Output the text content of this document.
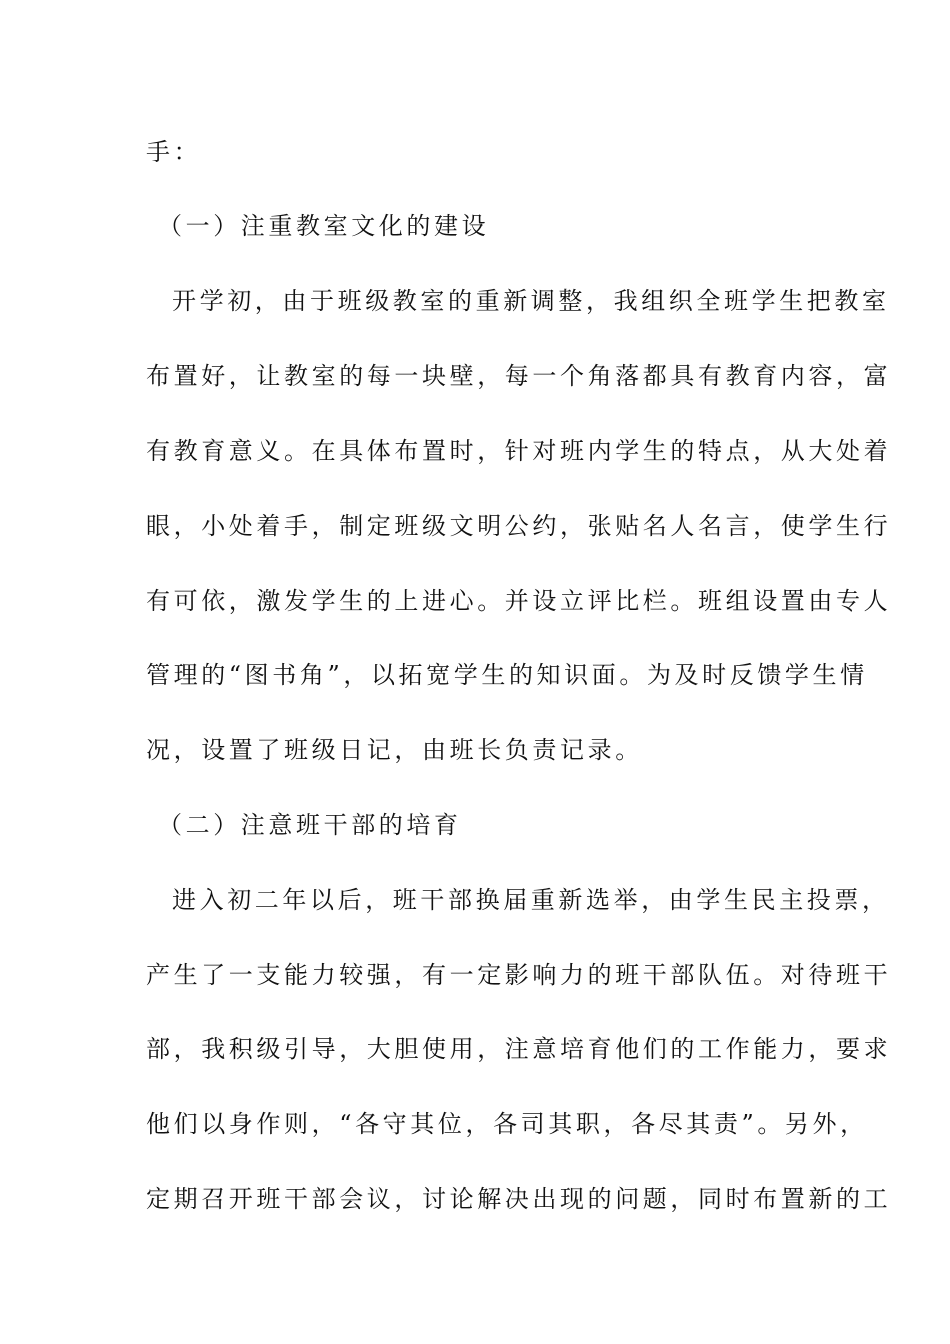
手：
（一）注重教室文化的建设
开学初，由于班级教室的重新调整，我组织全班学生把教室
布置好，让教室的每一块壁，每一个角落都具有教育内容，富
有教育意义。在具体布置时，针对班内学生的特点，从大处着
眼，小处着手，制定班级文明公约，张贴名人名言，使学生行
有可依，激发学生的上进心。并设立评比栏。班组设置由专人
管理的“图书角”，以拓宽学生的知识面。为及时反馈学生情
况，设置了班级日记，由班长负责记录。
（二）注意班干部的培育
进入初二年以后，班干部换届重新选举，由学生民主投票，
产生了一支能力较强，有一定影响力的班干部队伍。对待班干
部，我积级引导，大胆使用，注意培育他们的工作能力，要求
他们以身作则，“各守其位，各司其职，各尽其责”。另外，
定期召开班干部会议，讨论解决出现的问题，同时布置新的工
